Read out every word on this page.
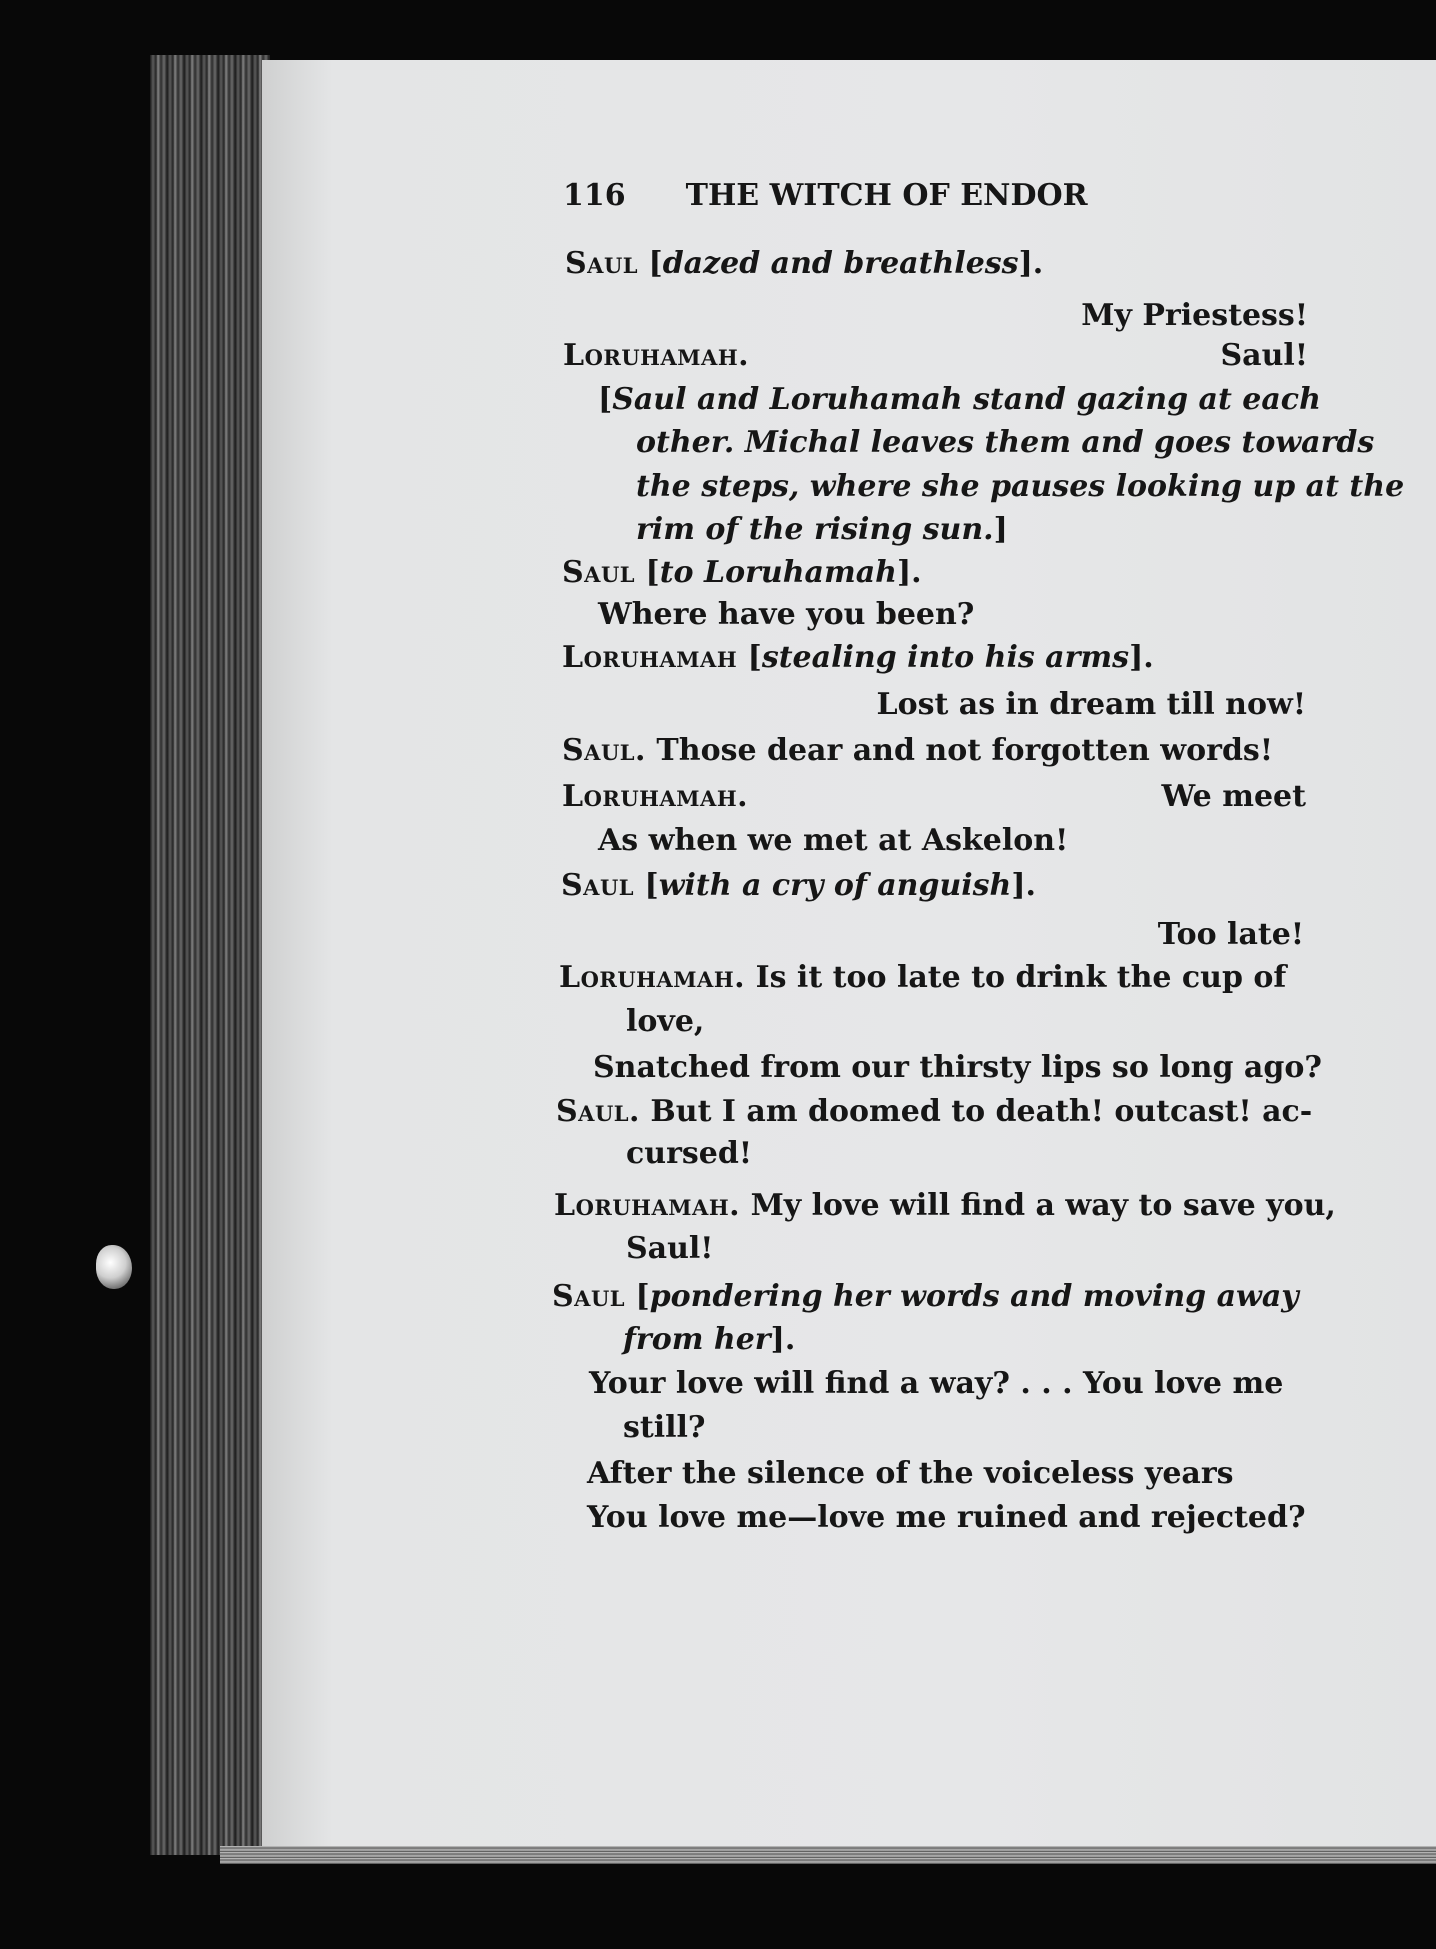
116 THE WITCH OF ENDOR
Saul [dazed and breathless].
My Priestess!
Loruhamah.	Saul!
[Saul and Loruhamah stand gazing at each
other. Michal leaves them and goes towards
the steps, where she pauses looking up at the
rim of the rising sun.]
Saul [to Loruhamah].
Where have you been?
Loruhamah [stealing into his arms].
Lost as in dream till now!
Saul. Those dear and not forgotten words!
Loruhamah.	We meet
As when we met at Askelon!
Saul [with a cry of anguish].
Too late!
Loruhamah. Is it too late to drink the cup of
love,
Snatched from our thirsty lips so long ago?
Saul. But I am doomed to death! outcast! ac-
cursed!
Loruhamah. My love will find a way to save you,
Saul!
Saul [pondering her words and moving away
from her].
Your love will find a way? . . . You love me
still?
After the silence of the voiceless years
You love me—love me ruined and rejected?
